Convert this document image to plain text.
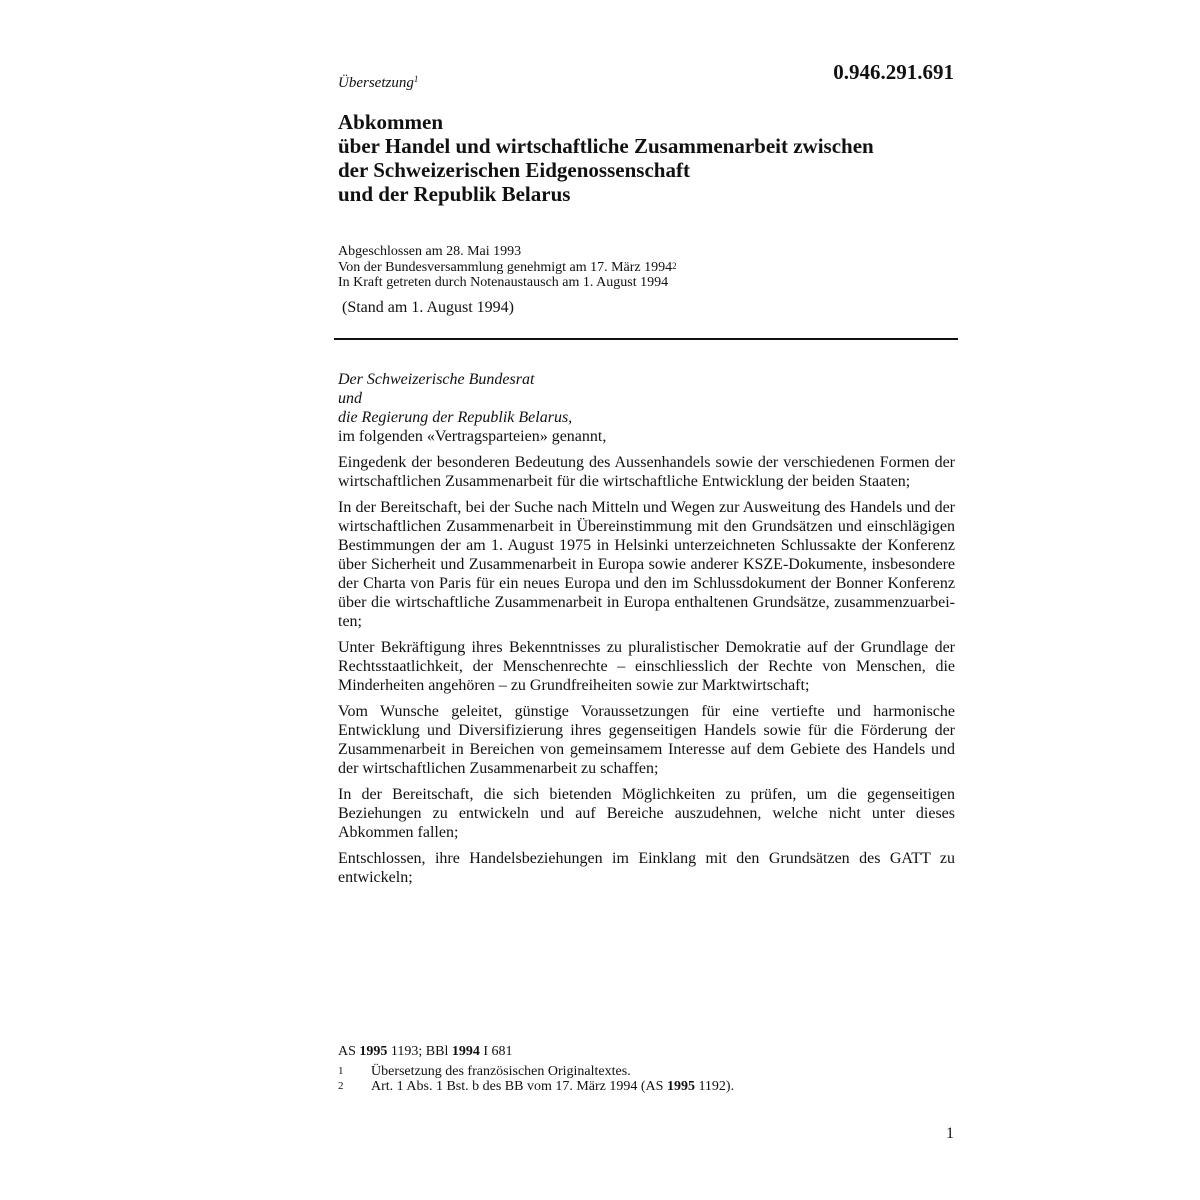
0.946.291.691
Übersetzung$^1$
Abkommen
über Handel und wirtschaftliche Zusammenarbeit zwischen
der Schweizerischen Eidgenossenschaft
und der Republik Belarus
Abgeschlossen am 28. Mai 1993
Von der Bundesversammlung genehmigt am 17. März 1994$^2$
In Kraft getreten durch Notenaustausch am 1. August 1994
(Stand am 1. August 1994)
Der Schweizerische Bundesrat
und
die Regierung der Republik Belarus,
im folgenden «Vertragsparteien» genannt,

Eingedenk der besonderen Bedeutung des Aussenhandels sowie der verschiedenen Formen der wirtschaftlichen Zusammenarbeit für die wirtschaftliche Entwicklung der beiden Staaten;

In der Bereitschaft, bei der Suche nach Mitteln und Wegen zur Ausweitung des Handels und der wirtschaftlichen Zusammenarbeit in Übereinstimmung mit den Grundsätzen und einschlägigen Bestimmungen der am 1. August 1975 in Helsinki unterzeichneten Schlussakte der Konferenz über Sicherheit und Zusammenarbeit in Europa sowie anderer KSZE-Dokumente, insbesondere der Charta von Paris für ein neues Europa und den im Schlussdokument der Bonner Konferenz über die wirtschaftliche Zusammenarbeit in Europa enthaltenen Grundsätze, zusammenzuarbeiten;

Unter Bekräftigung ihres Bekenntnisses zu pluralistischer Demokratie auf der Grundlage der Rechtsstaatlichkeit, der Menschenrechte – einschliesslich der Rechte von Menschen, die Minderheiten angehören – zu Grundfreiheiten sowie zur Marktwirtschaft;

Vom Wunsche geleitet, günstige Voraussetzungen für eine vertiefte und harmonische Entwicklung und Diversifizierung ihres gegenseitigen Handels sowie für die Förderung der Zusammenarbeit in Bereichen von gemeinsamem Interesse auf dem Gebiete des Handels und der wirtschaftlichen Zusammenarbeit zu schaffen;

In der Bereitschaft, die sich bietenden Möglichkeiten zu prüfen, um die gegenseitigen Beziehungen zu entwickeln und auf Bereiche auszudehnen, welche nicht unter dieses Abkommen fallen;

Entschlossen, ihre Handelsbeziehungen im Einklang mit den Grundsätzen des GATT zu entwickeln;

AS 1995 1193; BBl 1994 I 681
1	Übersetzung des französischen Originaltextes.
2	Art. 1 Abs. 1 Bst. b des BB vom 17. März 1994 (AS 1995 1192).
1
